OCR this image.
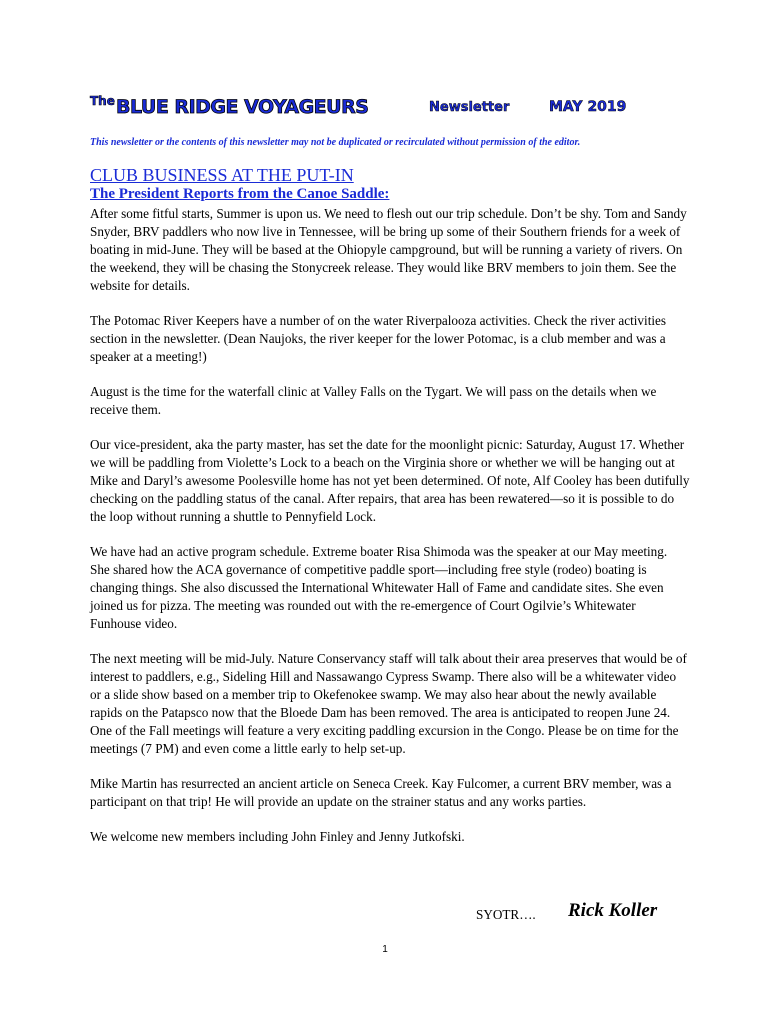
The BLUE RIDGE VOYAGEURS	Newsletter	MAY 2019
This newsletter or the contents of this newsletter may not be duplicated or recirculated without permission of the editor.
CLUB BUSINESS AT THE PUT-IN
The President Reports from the Canoe Saddle:

After some fitful starts, Summer is upon us. We need to flesh out our trip schedule. Don’t be shy. Tom and Sandy Snyder, BRV paddlers who now live in Tennessee, will be bring up some of their Southern friends for a week of boating in mid-June. They will be based at the Ohiopyle campground, but will be running a variety of rivers. On the weekend, they will be chasing the Stonycreek release. They would like BRV members to join them. See the website for details.

The Potomac River Keepers have a number of on the water Riverpalooza activities. Check the river activities section in the newsletter. (Dean Naujoks, the river keeper for the lower Potomac, is a club member and was a speaker at a meeting!)

August is the time for the waterfall clinic at Valley Falls on the Tygart. We will pass on the details when we receive them.

Our vice-president, aka the party master, has set the date for the moonlight picnic: Saturday, August 17. Whether we will be paddling from Violette’s Lock to a beach on the Virginia shore or whether we will be hanging out at Mike and Daryl’s awesome Poolesville home has not yet been determined. Of note, Alf Cooley has been dutifully checking on the paddling status of the canal. After repairs, that area has been rewatered—so it is possible to do the loop without running a shuttle to Pennyfield Lock.

We have had an active program schedule. Extreme boater Risa Shimoda was the speaker at our May meeting. She shared how the ACA governance of competitive paddle sport—including free style (rodeo) boating is changing things. She also discussed the International Whitewater Hall of Fame and candidate sites. She even joined us for pizza. The meeting was rounded out with the re-emergence of Court Ogilvie’s Whitewater Funhouse video.

The next meeting will be mid-July. Nature Conservancy staff will talk about their area preserves that would be of interest to paddlers, e.g., Sideling Hill and Nassawango Cypress Swamp. There also will be a whitewater video or a slide show based on a member trip to Okefenokee swamp. We may also hear about the newly available rapids on the Patapsco now that the Bloede Dam has been removed. The area is anticipated to reopen June 24. One of the Fall meetings will feature a very exciting paddling excursion in the Congo. Please be on time for the meetings (7 PM) and even come a little early to help set-up.

Mike Martin has resurrected an ancient article on Seneca Creek. Kay Fulcomer, a current BRV member, was a participant on that trip! He will provide an update on the strainer status and any works parties.

We welcome new members including John Finley and Jenny Jutkofski.

SYOTR…. Rick Koller
1
